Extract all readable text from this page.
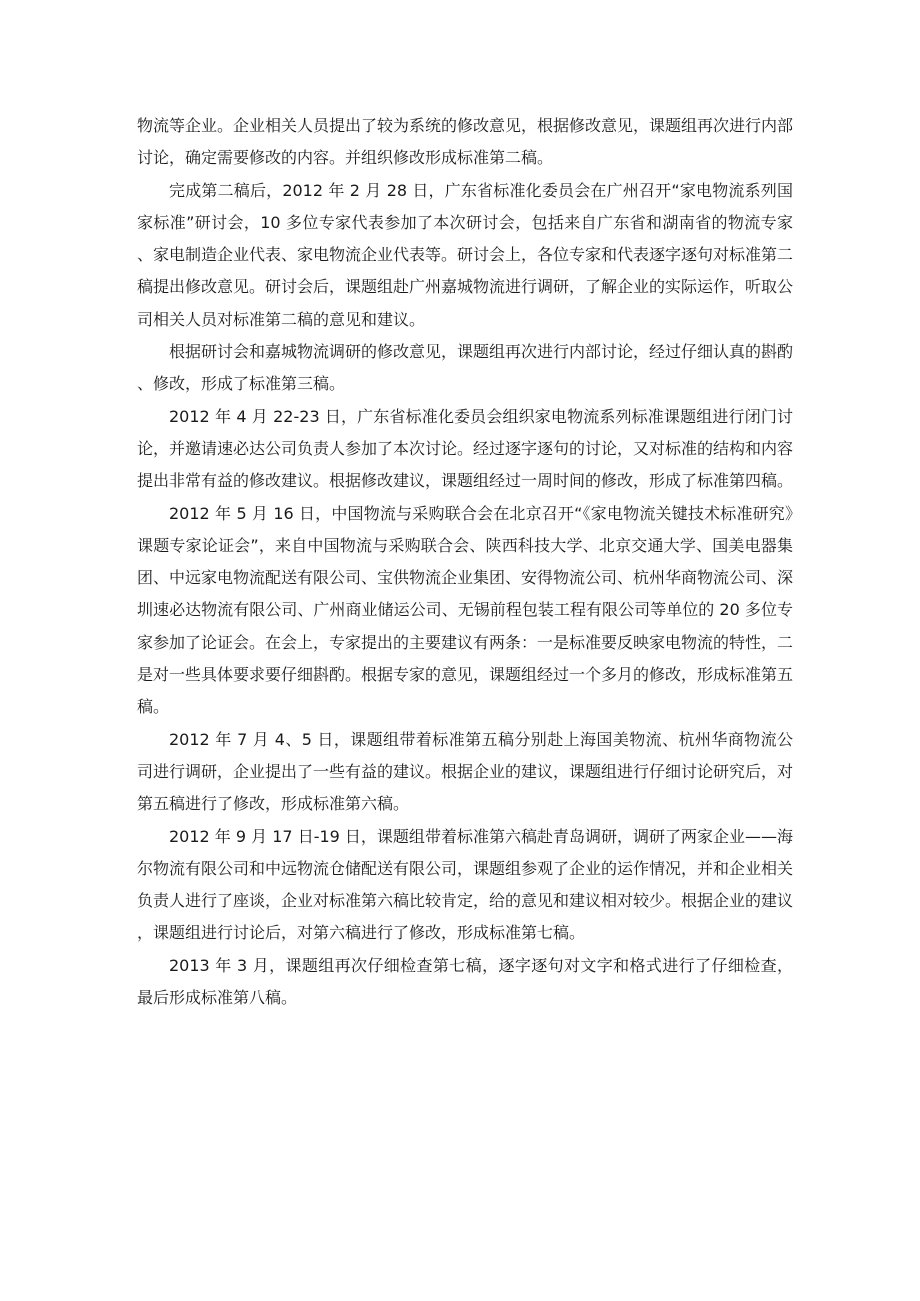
物流等企业。企业相关人员提出了较为系统的修改意见，根据修改意见，课题组再次进行内部讨论，确定需要修改的内容。并组织修改形成标准第二稿。

完成第二稿后，2012 年 2 月 28 日，广东省标准化委员会在广州召开“家电物流系列国家标准”研讨会，10 多位专家代表参加了本次研讨会，包括来自广东省和湖南省的物流专家、家电制造企业代表、家电物流企业代表等。研讨会上，各位专家和代表逐字逐句对标准第二稿提出修改意见。研讨会后，课题组赴广州嘉城物流进行调研，了解企业的实际运作，听取公司相关人员对标准第二稿的意见和建议。

根据研讨会和嘉城物流调研的修改意见，课题组再次进行内部讨论，经过仔细认真的斟酌、修改，形成了标准第三稿。

2012 年 4 月 22-23 日，广东省标准化委员会组织家电物流系列标准课题组进行闭门讨论，并邀请速必达公司负责人参加了本次讨论。经过逐字逐句的讨论，又对标准的结构和内容提出非常有益的修改建议。根据修改建议，课题组经过一周时间的修改，形成了标准第四稿。

2012 年 5 月 16 日，中国物流与采购联合会在北京召开“《家电物流关键技术标准研究》课题专家论证会”，来自中国物流与采购联合会、陕西科技大学、北京交通大学、国美电器集团、中远家电物流配送有限公司、宝供物流企业集团、安得物流公司、杭州华商物流公司、深圳速必达物流有限公司、广州商业储运公司、无锡前程包装工程有限公司等单位的 20 多位专家参加了论证会。在会上，专家提出的主要建议有两条：一是标准要反映家电物流的特性，二是对一些具体要求要仔细斟酌。根据专家的意见，课题组经过一个多月的修改，形成标准第五稿。

2012 年 7 月 4、5 日，课题组带着标准第五稿分别赴上海国美物流、杭州华商物流公司进行调研，企业提出了一些有益的建议。根据企业的建议，课题组进行仔细讨论研究后，对第五稿进行了修改，形成标准第六稿。

2012 年 9 月 17 日-19 日，课题组带着标准第六稿赴青岛调研，调研了两家企业——海尔物流有限公司和中远物流仓储配送有限公司，课题组参观了企业的运作情况，并和企业相关负责人进行了座谈，企业对标准第六稿比较肯定，给的意见和建议相对较少。根据企业的建议，课题组进行讨论后，对第六稿进行了修改，形成标准第七稿。

2013 年 3 月，课题组再次仔细检查第七稿，逐字逐句对文字和格式进行了仔细检查，最后形成标准第八稿。
